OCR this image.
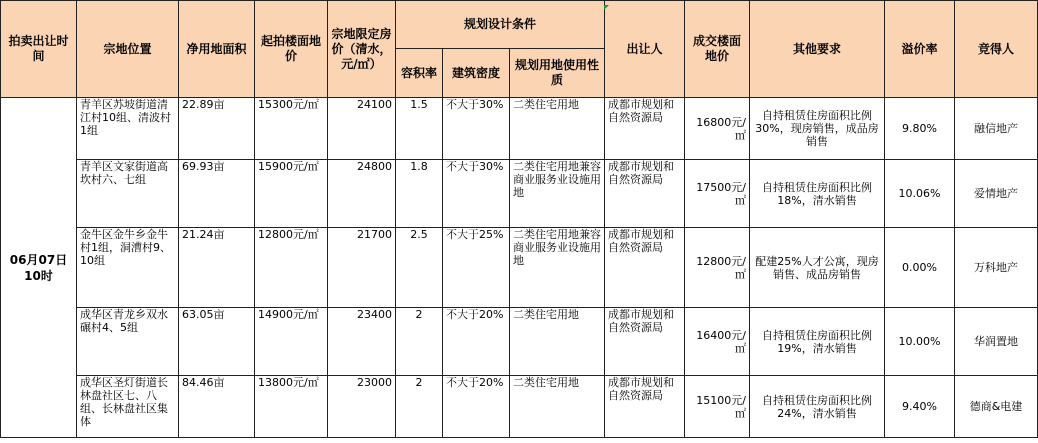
拍卖出让时间	宗地位置	净用地面积	起拍楼面地价	宗地限定房价（清水，元/㎡）	规划设计条件			出让人	成交楼面地价	其他要求	溢价率	竞得人
					容积率	建筑密度	规划用地使用性质					
06月07日10时	青羊区苏坡街道清江村10组、清波村1组	22.89亩	15300元/㎡	24100	1.5	不大于30%	二类住宅用地	成都市规划和自然资源局	16800元/㎡	自持租赁住房面积比例30%，现房销售，成品房销售	9.80%	融信地产
	青羊区文家街道高坎村六、七组	69.93亩	15900元/㎡	24800	1.8	不大于30%	二类住宅用地兼容商业服务业设施用地	成都市规划和自然资源局	17500元/㎡	自持租赁住房面积比例18%，清水销售	10.06%	爱情地产
	金牛区金牛乡金牛村1组，洞漕村9、10组	21.24亩	12800元/㎡	21700	2.5	不大于25%	二类住宅用地兼容商业服务业设施用地	成都市规划和自然资源局	12800元/㎡	配建25%人才公寓，现房销售、成品房销售	0.00%	万科地产
	成华区青龙乡双水碾村4、5组	63.05亩	14900元/㎡	23400	2	不大于20%	二类住宅用地	成都市规划和自然资源局	16400元/㎡	自持租赁住房面积比例19%，清水销售	10.00%	华润置地
	成华区圣灯街道长林盘社区七、八组、长林盘社区集体	84.46亩	13800元/㎡	23000	2	不大于20%	二类住宅用地	成都市规划和自然资源局	15100元/㎡	自持租赁住房面积比例24%，清水销售	9.40%	德商&电建
